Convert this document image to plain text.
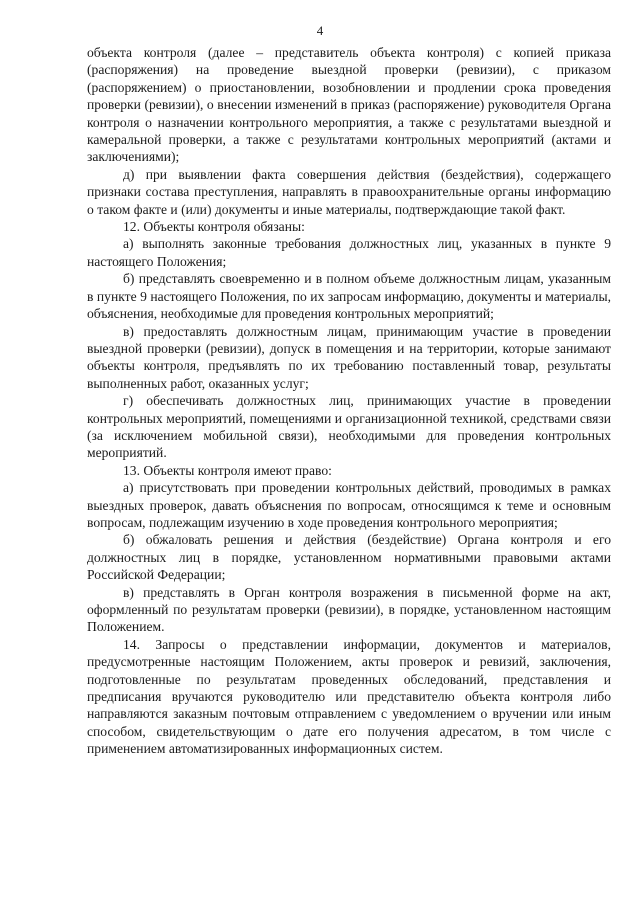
4

объекта контроля (далее – представитель объекта контроля) с копией приказа (распоряжения) на проведение выездной проверки (ревизии), с приказом (распоряжением) о приостановлении, возобновлении и продлении срока проведения проверки (ревизии), о внесении изменений в приказ (распоряжение) руководителя Органа контроля о назначении контрольного мероприятия, а также с результатами выездной и камеральной проверки, а также с результатами контрольных мероприятий (актами и заключениями);

д) при выявлении факта совершения действия (бездействия), содержащего признаки состава преступления, направлять в правоохранительные органы информацию о таком факте и (или) документы и иные материалы, подтверждающие такой факт.

12. Объекты контроля обязаны:

а) выполнять законные требования должностных лиц, указанных в пункте 9 настоящего Положения;

б) представлять своевременно и в полном объеме должностным лицам, указанным в пункте 9 настоящего Положения, по их запросам информацию, документы и материалы, объяснения, необходимые для проведения контрольных мероприятий;

в) предоставлять должностным лицам, принимающим участие в проведении выездной проверки (ревизии), допуск в помещения и на территории, которые занимают объекты контроля, предъявлять по их требованию поставленный товар, результаты выполненных работ, оказанных услуг;

г) обеспечивать должностных лиц, принимающих участие в проведении контрольных мероприятий, помещениями и организационной техникой, средствами связи (за исключением мобильной связи), необходимыми для проведения контрольных мероприятий.

13. Объекты контроля имеют право:

а) присутствовать при проведении контрольных действий, проводимых в рамках выездных проверок, давать объяснения по вопросам, относящимся к теме и основным вопросам, подлежащим изучению в ходе проведения контрольного мероприятия;

б) обжаловать решения и действия (бездействие) Органа контроля и его должностных лиц в порядке, установленном нормативными правовыми актами Российской Федерации;

в) представлять в Орган контроля возражения в письменной форме на акт, оформленный по результатам проверки (ревизии), в порядке, установленном настоящим Положением.

14. Запросы о представлении информации, документов и материалов, предусмотренные настоящим Положением, акты проверок и ревизий, заключения, подготовленные по результатам проведенных обследований, представления и предписания вручаются руководителю или представителю объекта контроля либо направляются заказным почтовым отправлением с уведомлением о вручении или иным способом, свидетельствующим о дате его получения адресатом, в том числе с применением автоматизированных информационных систем.
